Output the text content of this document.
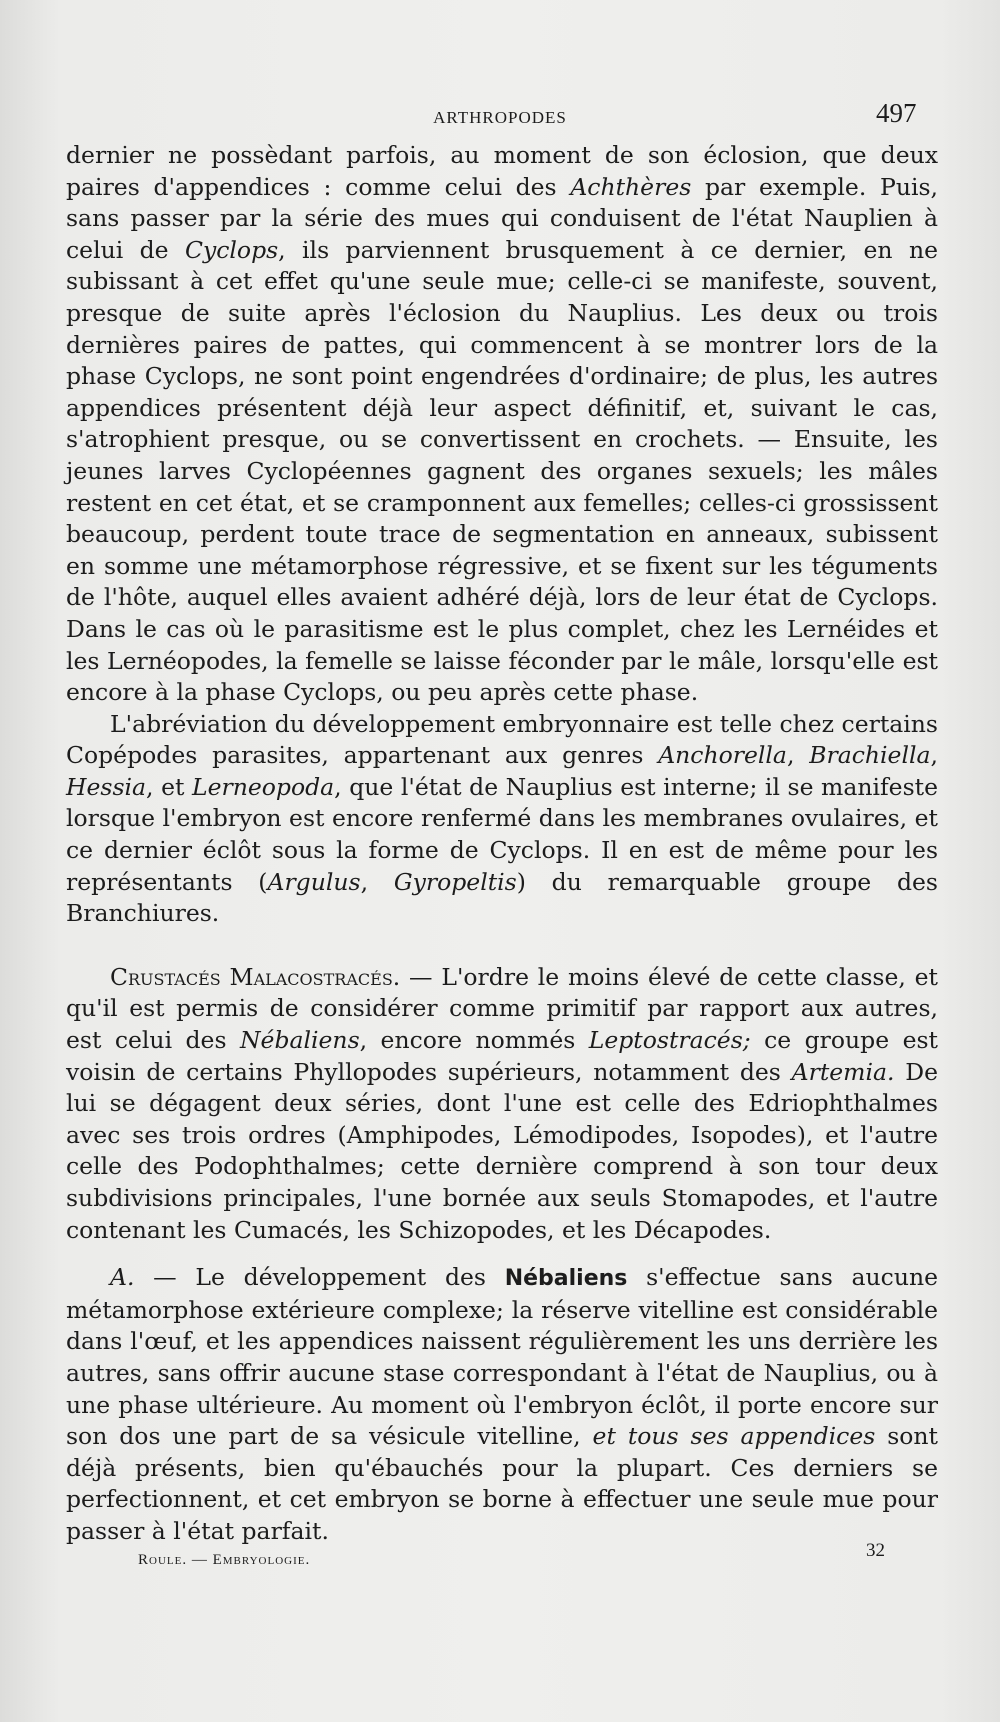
ARTHROPODES	497

dernier ne possèdant parfois, au moment de son éclosion, que deux paires d'appendices : comme celui des Achthères par exemple. Puis, sans passer par la série des mues qui conduisent de l'état Nauplien à celui de Cyclops, ils parviennent brusquement à ce dernier, en ne subissant à cet effet qu'une seule mue; celle-ci se manifeste, souvent, presque de suite après l'éclosion du Nauplius. Les deux ou trois dernières paires de pattes, qui commencent à se montrer lors de la phase Cyclops, ne sont point engendrées d'ordinaire; de plus, les autres appendices présentent déjà leur aspect définitif, et, suivant le cas, s'atrophient presque, ou se convertissent en crochets. — Ensuite, les jeunes larves Cyclopéennes gagnent des organes sexuels; les mâles restent en cet état, et se cramponnent aux femelles; celles-ci grossissent beaucoup, perdent toute trace de segmentation en anneaux, subissent en somme une métamorphose régressive, et se fixent sur les téguments de l'hôte, auquel elles avaient adhéré déjà, lors de leur état de Cyclops. Dans le cas où le parasitisme est le plus complet, chez les Lernéides et les Lernéopodes, la femelle se laisse féconder par le mâle, lorsqu'elle est encore à la phase Cyclops, ou peu après cette phase.

L'abréviation du développement embryonnaire est telle chez certains Copépodes parasites, appartenant aux genres Anchorella, Brachiella, Hessia, et Lerneopoda, que l'état de Nauplius est interne; il se manifeste lorsque l'embryon est encore renfermé dans les membranes ovulaires, et ce dernier éclôt sous la forme de Cyclops. Il en est de même pour les représentants (Argulus, Gyropeltis) du remarquable groupe des Branchiures.

Crustacés Malacostracés. — L'ordre le moins élevé de cette classe, et qu'il est permis de considérer comme primitif par rapport aux autres, est celui des Nébaliens, encore nommés Leptostracés; ce groupe est voisin de certains Phyllopodes supérieurs, notamment des Artemia. De lui se dégagent deux séries, dont l'une est celle des Edriophthalmes avec ses trois ordres (Amphipodes, Lémodipodes, Isopodes), et l'autre celle des Podophthalmes; cette dernière comprend à son tour deux subdivisions principales, l'une bornée aux seuls Stomapodes, et l'autre contenant les Cumacés, les Schizopodes, et les Décapodes.

A. — Le développement des Nébaliens s'effectue sans aucune métamorphose extérieure complexe; la réserve vitelline est considérable dans l'œuf, et les appendices naissent régulièrement les uns derrière les autres, sans offrir aucune stase correspondant à l'état de Nauplius, ou à une phase ultérieure. Au moment où l'embryon éclôt, il porte encore sur son dos une part de sa vésicule vitelline, et tous ses appendices sont déjà présents, bien qu'ébauchés pour la plupart. Ces derniers se perfectionnent, et cet embryon se borne à effectuer une seule mue pour passer à l'état parfait.

Roule. — Embryologie.	32
